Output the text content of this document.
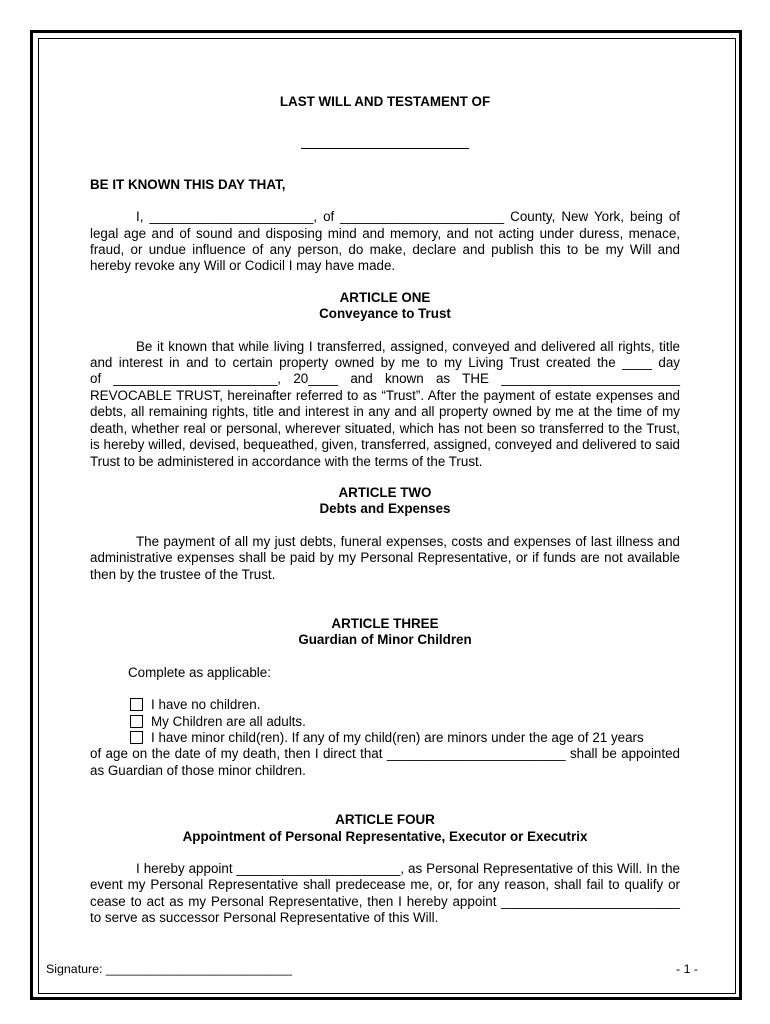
LAST WILL AND TESTAMENT OF

BE IT KNOWN THIS DAY THAT,

I, ______________________, of ______________________ County, New York, being of legal age and of sound and disposing mind and memory, and not acting under duress, menace, fraud, or undue influence of any person, do make, declare and publish this to be my Will and hereby revoke any Will or Codicil I may have made.

ARTICLE ONE

Conveyance to Trust

Be it known that while living I transferred, assigned, conveyed and delivered all rights, title and interest in and to certain property owned by me to my Living Trust created the ____ day

of ______________________, 20____ and known as THE ________________________

REVOCABLE TRUST, hereinafter referred to as “Trust”. After the payment of estate expenses and debts, all remaining rights, title and interest in any and all property owned by me at the time of my death, whether real or personal, wherever situated, which has not been so transferred to the Trust, is hereby willed, devised, bequeathed, given, transferred, assigned, conveyed and delivered to said Trust to be administered in accordance with the terms of the Trust.

ARTICLE TWO

Debts and Expenses

The payment of all my just debts, funeral expenses, costs and expenses of last illness and administrative expenses shall be paid by my Personal Representative, or if funds are not available then by the trustee of the Trust.

ARTICLE THREE

Guardian of Minor Children

Complete as applicable:

I have no children.
My Children are all adults.
I have minor child(ren). If any of my child(ren) are minors under the age of 21 years

of age on the date of my death, then I direct that ________________________ shall be appointed as Guardian of those minor children.

ARTICLE FOUR

Appointment of Personal Representative, Executor or Executrix

I hereby appoint ______________________, as Personal Representative of this Will. In the event my Personal Representative shall predecease me, or, for any reason, shall fail to qualify or cease to act as my Personal Representative, then I hereby appoint ________________________ to serve as successor Personal Representative of this Will.

Signature: ___________________________	- 1 -
